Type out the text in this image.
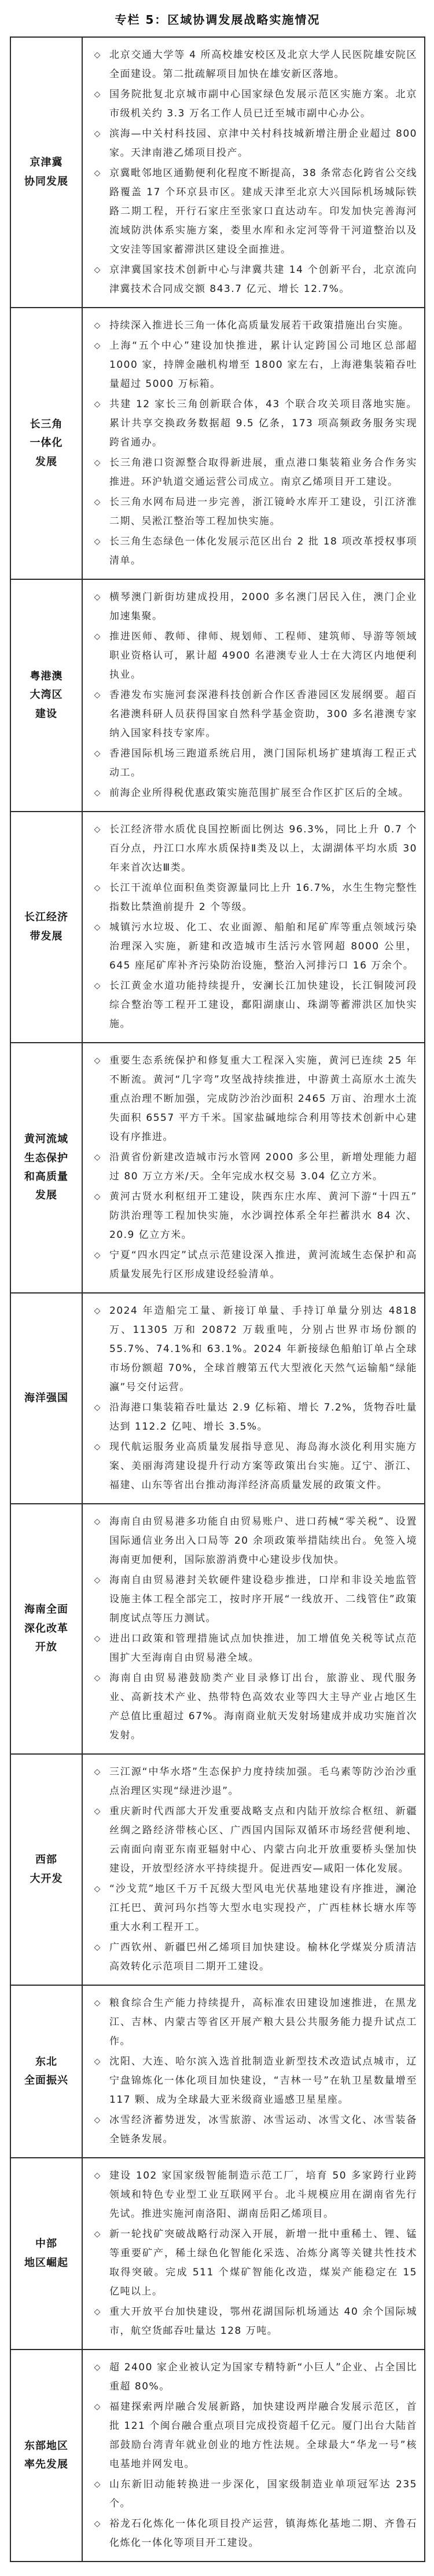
专栏 5：区域协调发展战略实施情况
京津冀
协同发展
◇ 北京交通大学等 4 所高校雄安校区及北京大学人民医院雄安院区全面建设。第二批疏解项目加快在雄安新区落地。
◇ 国务院批复北京城市副中心国家绿色发展示范区实施方案。北京市级机关约 3.3 万名工作人员已迁至城市副中心办公。
◇ 滨海—中关村科技园、京津中关村科技城新增注册企业超过 800 家。天津南港乙烯项目投产。
◇ 京冀毗邻地区通勤便利化程度不断提高，38 条常态化跨省公交线路覆盖 17 个环京县市区。建成天津至北京大兴国际机场城际铁路二期工程，开行石家庄至张家口直达动车。印发加快完善海河流域防洪体系实施方案，娄里水库和永定河等骨干河道整治以及文安洼等国家蓄滞洪区建设全面推进。
◇ 京津冀国家技术创新中心与津冀共建 14 个创新平台，北京流向津冀技术合同成交额 843.7 亿元、增长 12.7%。
长三角
一体化
发展
◇ 持续深入推进长三角一体化高质量发展若干政策措施出台实施。
◇ 上海“五个中心”建设加快推进，累计认定跨国公司地区总部超 1000 家，持牌金融机构增至 1800 家左右，上海港集装箱吞吐量超过 5000 万标箱。
◇ 共建 12 家长三角创新联合体，43 个联合攻关项目落地实施。累计共享交换政务数据超 9.5 亿条，173 项高频政务服务实现跨省通办。
◇ 长三角港口资源整合取得新进展，重点港口集装箱业务合作务实推进。环沪轨道交通运营公司成立。南京乙烯项目开工建设。
◇ 长三角水网布局进一步完善，浙江镜岭水库开工建设，引江济淮二期、吴淞江整治等工程加快实施。
◇ 长三角生态绿色一体化发展示范区出台 2 批 18 项改革授权事项清单。
粤港澳
大湾区
建设
◇ 横琴澳门新街坊建成投用，2000 多名澳门居民入住，澳门企业加速集聚。
◇ 推进医师、教师、律师、规划师、工程师、建筑师、导游等领域职业资格认可，累计超 4900 名港澳专业人士在大湾区内地便利执业。
◇ 香港发布实施河套深港科技创新合作区香港园区发展纲要。超百名港澳科研人员获得国家自然科学基金资助，300 多名港澳专家纳入国家科技专家库。
◇ 香港国际机场三跑道系统启用，澳门国际机场扩建填海工程正式动工。
◇ 前海企业所得税优惠政策实施范围扩展至合作区扩区后的全域。
长江经济
带发展
◇ 长江经济带水质优良国控断面比例达 96.3%，同比上升 0.7 个百分点，丹江口水库水质保持Ⅱ类及以上，太湖湖体平均水质 30 年来首次达Ⅲ类。
◇ 长江干流单位面积鱼类资源量同比上升 16.7%，水生生物完整性指数比禁渔前提升 2 个等级。
◇ 城镇污水垃圾、化工、农业面源、船舶和尾矿库等重点领域污染治理深入实施，新建和改造城市生活污水管网超 8000 公里，645 座尾矿库补齐污染防治设施，整治入河排污口 16 万余个。
◇ 长江黄金水道功能持续提升，安澜长江加快建设，长江铜陵河段综合整治等工程开工建设，鄱阳湖康山、珠湖等蓄滞洪区加快实施。
黄河流域
生态保护
和高质量
发展
◇ 重要生态系统保护和修复重大工程深入实施，黄河已连续 25 年不断流。黄河“几字弯”攻坚战持续推进，中游黄土高原水土流失重点治理不断加强，完成防沙治沙面积 2465 万亩、治理水土流失面积 6557 平方千米。国家盐碱地综合利用等技术创新中心建设有序推进。
◇ 沿黄省份新建改造城市污水管网 2000 多公里，新增处理能力超过 80 万立方米/天。全年完成水权交易 3.04 亿立方米。
◇ 黄河古贤水利枢纽开工建设，陕西东庄水库、黄河下游“十四五”防洪治理等工程加快实施，水沙调控体系全年拦蓄洪水 84 次、20.9 亿立方米。
◇ 宁夏“四水四定”试点示范建设深入推进，黄河流域生态保护和高质量发展先行区形成建设经验清单。
海洋强国
◇ 2024 年造船完工量、新接订单量、手持订单量分别达 4818 万、11305 万和 20872 万载重吨，分别占世界市场份额的 55.7%、74.1%和 63.1%。2024 年新接绿色船舶订单占全球市场份额超 70%，全球首艘第五代大型液化天然气运输船“绿能瀛”号交付运营。
◇ 沿海港口集装箱吞吐量达 2.9 亿标箱、增长 7.2%，货物吞吐量达到 112.2 亿吨、增长 3.5%。
◇ 现代航运服务业高质量发展指导意见、海岛海水淡化利用实施方案、美丽海湾建设提升行动方案等政策出台实施。辽宁、浙江、福建、山东等省出台推动海洋经济高质量发展的政策文件。
海南全面
深化改革
开放
◇ 海南自由贸易港多功能自由贸易账户、进口药械“零关税”、设置国际通信业务出入口局等 20 余项政策举措陆续出台。免签入境海南更加便利，国际旅游消费中心建设步伐加快。
◇ 海南自由贸易港封关软硬件建设稳步推进，口岸和非设关地监管设施主体工程全部完工，按时序开展“一线放开、二线管住”政策制度试点等压力测试。
◇ 进出口政策和管理措施试点加快推进，加工增值免关税等试点范围扩大至海南自由贸易港全域。
◇ 海南自由贸易港鼓励类产业目录修订出台，旅游业、现代服务业、高新技术产业、热带特色高效农业等四大主导产业占地区生产总值比重超过 67%。海南商业航天发射场建成并成功实施首次发射。
西部
大开发
◇ 三江源“中华水塔”生态保护力度持续加强。毛乌素等防沙治沙重点治理区实现“绿进沙退”。
◇ 重庆新时代西部大开发重要战略支点和内陆开放综合枢纽、新疆丝绸之路经济带核心区、广西国内国际双循环市场经营便利地、云南面向南亚东南亚辐射中心、内蒙古向北开放重要桥头堡加快建设，开放型经济水平持续提升。促进西安—咸阳一体化发展。
◇ “沙戈荒”地区千万千瓦级大型风电光伏基地建设有序推进，澜沧江托巴、黄河玛尔挡等大型水电实现投产，广西桂林长塘水库等重大水利工程开工。
◇ 广西钦州、新疆巴州乙烯项目加快建设。榆林化学煤炭分质清洁高效转化示范项目二期开工建设。
东北
全面振兴
◇ 粮食综合生产能力持续提升，高标准农田建设加速推进，在黑龙江、吉林、内蒙古等省区开展产粮大县公共服务能力提升试点工作。
◇ 沈阳、大连、哈尔滨入选首批制造业新型技术改造试点城市，辽宁盘锦炼化一体化项目加快建设，“吉林一号”在轨卫星数量增至 117 颗、成为全球最大亚米级商业遥感卫星星座。
◇ 冰雪经济蓄势迸发，冰雪旅游、冰雪运动、冰雪文化、冰雪装备全链条发展。
中部
地区崛起
◇ 建设 102 家国家级智能制造示范工厂，培育 50 多家跨行业跨领域和特色专业型工业互联网平台。北斗规模应用在湖南省先行先试。推进实施河南洛阳、湖南岳阳乙烯项目。
◇ 新一轮找矿突破战略行动深入开展，新增一批中重稀土、锂、锰等重要矿产，稀土绿色化智能化采选、冶炼分离等关键共性技术取得突破。完成 511 个煤矿智能化改造，煤炭产能稳定在 15 亿吨以上。
◇ 重大开放平台加快建设，鄂州花湖国际机场通达 40 余个国际城市，航空货邮吞吐量达 128 万吨。
东部地区
率先发展
◇ 超 2400 家企业被认定为国家专精特新“小巨人”企业、占全国比重超 80%。
◇ 福建探索两岸融合发展新路，加快建设两岸融合发展示范区，首批 121 个闽台融合重点项目完成投资超千亿元。厦门出台大陆首部鼓励台湾青年就业创业的地方性法规。全球最大“华龙一号”核电基地并网发电。
◇ 山东新旧动能转换进一步深化，国家级制造业单项冠军达 235 个。
◇ 裕龙石化炼化一体化项目投产运营，镇海炼化基地二期、齐鲁石化炼化一体化等项目开工建设。
